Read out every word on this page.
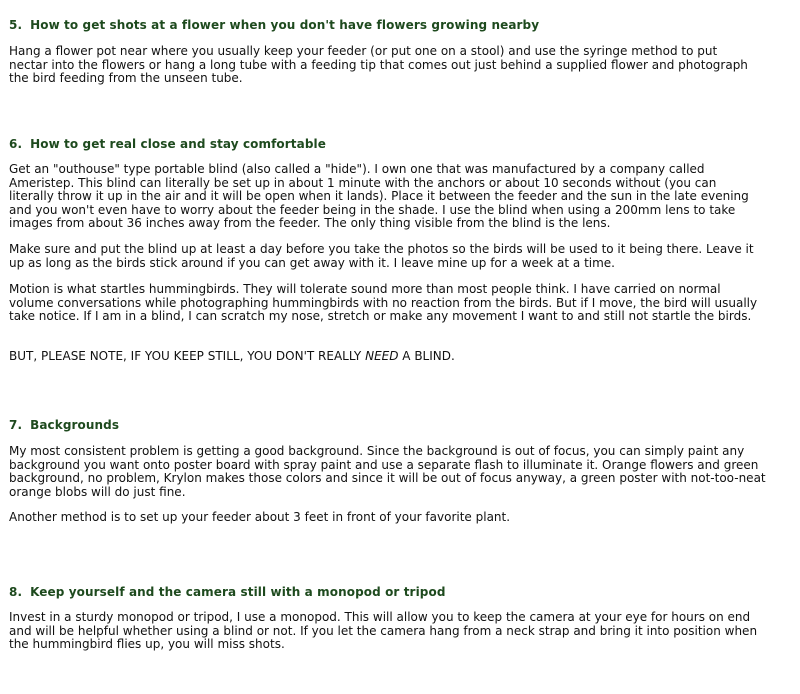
5. How to get shots at a flower when you don't have flowers growing nearby

Hang a flower pot near where you usually keep your feeder (or put one on a stool) and use the syringe method to put nectar into the flowers or hang a long tube with a feeding tip that comes out just behind a supplied flower and photograph the bird feeding from the unseen tube.

6. How to get real close and stay comfortable

Get an "outhouse" type portable blind (also called a "hide"). I own one that was manufactured by a company called Ameristep. This blind can literally be set up in about 1 minute with the anchors or about 10 seconds without (you can literally throw it up in the air and it will be open when it lands). Place it between the feeder and the sun in the late evening and you won't even have to worry about the feeder being in the shade. I use the blind when using a 200mm lens to take images from about 36 inches away from the feeder. The only thing visible from the blind is the lens.

Make sure and put the blind up at least a day before you take the photos so the birds will be used to it being there. Leave it up as long as the birds stick around if you can get away with it. I leave mine up for a week at a time.

Motion is what startles hummingbirds. They will tolerate sound more than most people think. I have carried on normal volume conversations while photographing hummingbirds with no reaction from the birds. But if I move, the bird will usually take notice. If I am in a blind, I can scratch my nose, stretch or make any movement I want to and still not startle the birds.

BUT, PLEASE NOTE, IF YOU KEEP STILL, YOU DON'T REALLY NEED A BLIND.

7. Backgrounds

My most consistent problem is getting a good background. Since the background is out of focus, you can simply paint any background you want onto poster board with spray paint and use a separate flash to illuminate it. Orange flowers and green background, no problem, Krylon makes those colors and since it will be out of focus anyway, a green poster with not-too-neat orange blobs will do just fine.

Another method is to set up your feeder about 3 feet in front of your favorite plant.

8. Keep yourself and the camera still with a monopod or tripod

Invest in a sturdy monopod or tripod, I use a monopod. This will allow you to keep the camera at your eye for hours on end and will be helpful whether using a blind or not. If you let the camera hang from a neck strap and bring it into position when the hummingbird flies up, you will miss shots.
